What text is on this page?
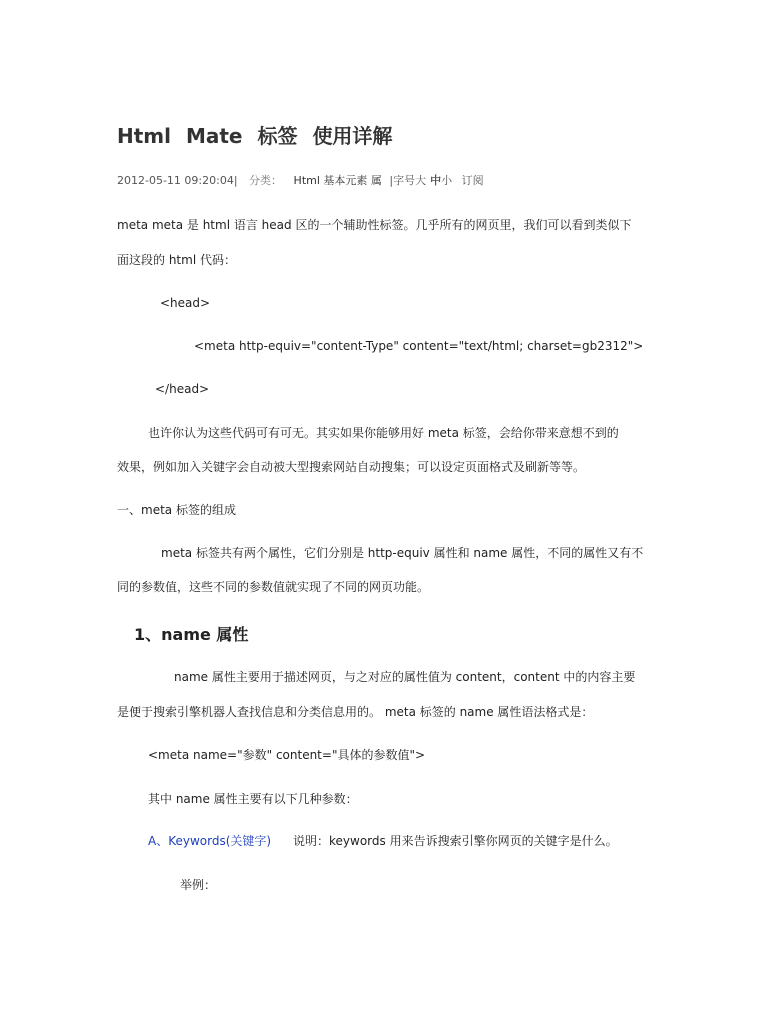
Html Mate 标签 使用详解
2012-05-11 09:20:04| 分类： Html 基本元素 属 |字号大 中小 订阅
meta meta 是 html 语言 head 区的一个辅助性标签。几乎所有的网页里，我们可以看到类似下
面这段的 html 代码：
<head>
<meta http-equiv="content-Type" content="text/html; charset=gb2312">
</head>
也许你认为这些代码可有可无。其实如果你能够用好 meta 标签，会给你带来意想不到的
效果，例如加入关键字会自动被大型搜索网站自动搜集；可以设定页面格式及刷新等等。
一、meta 标签的组成
meta 标签共有两个属性，它们分别是 http-equiv 属性和 name 属性，不同的属性又有不
同的参数值，这些不同的参数值就实现了不同的网页功能。
1、name 属性
name 属性主要用于描述网页，与之对应的属性值为 content，content 中的内容主要
是便于搜索引擎机器人查找信息和分类信息用的。 meta 标签的 name 属性语法格式是：
<meta name="参数" content="具体的参数值">
其中 name 属性主要有以下几种参数：
A、Keywords(关键字) 说明：keywords 用来告诉搜索引擎你网页的关键字是什么。
举例：
